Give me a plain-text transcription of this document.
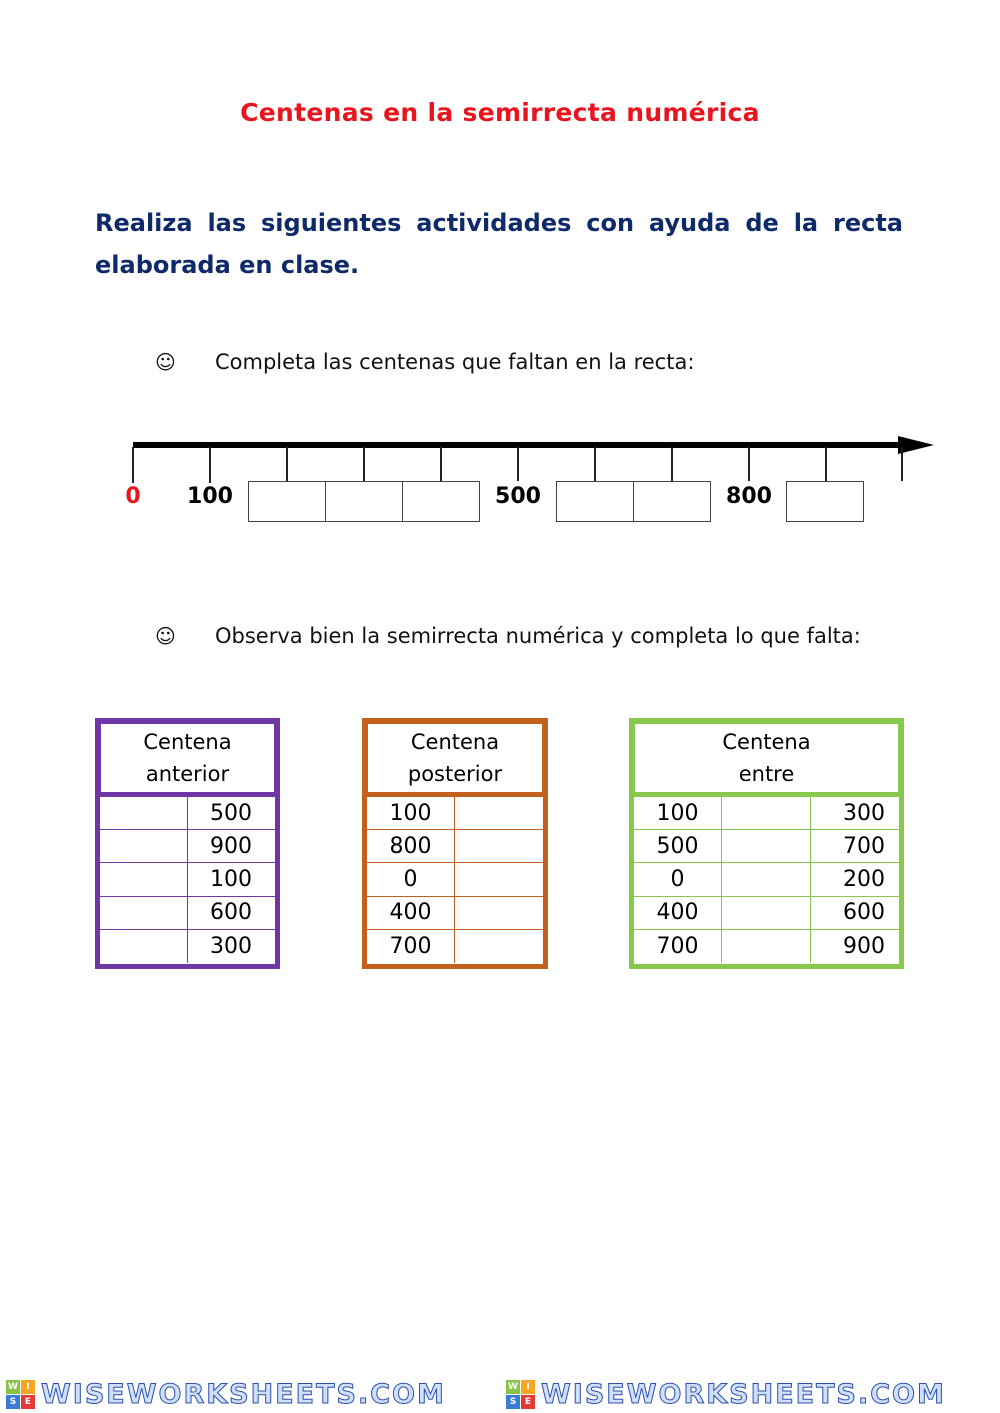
Centenas en la semirrecta numérica
Realiza las siguientes actividades con ayuda de la recta elaborada en clase.
☺	Completa las centenas que faltan en la recta:
0 100	500	800
☺	Observa bien la semirrecta numérica y completa lo que falta:
Centena
anterior
500
900
100
600
300
Centena
posterior
100
800
0
400
700
Centena
entre
100	300
500	700
0	200
400	600
700	900
W I
S E WISEWORKSHEETS.COM	W I
S E WISEWORKSHEETS.COM
